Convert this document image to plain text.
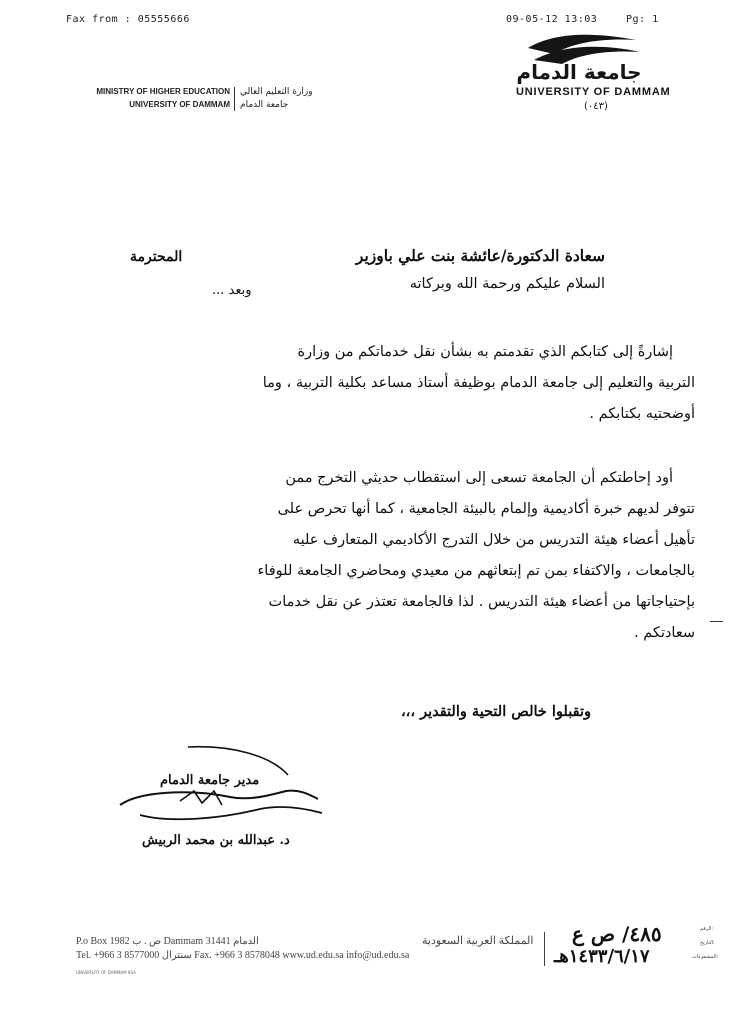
Fax from : 05555666	09-05-12 13:03	Pg: 1
MINISTRY OF HIGHER EDUCATION
UNIVERSITY OF DAMMAM
وزارة التعليم العالي
جامعة الدمام
جامعة الدمام
UNIVERSITY OF DAMMAM
(٠٤٣)
سعادة الدكتورة/عائشة بنت علي باوزير
المحترمة
السلام عليكم ورحمة الله وبركاته
وبعد ...
إشارةً إلى كتابكم الذي تقدمتم به بشأن نقل خدماتكم من وزارة
التربية والتعليم إلى جامعة الدمام بوظيفة أستاذ مساعد بكلية التربية ، وما
أوضحتيه بكتابكم .
أود إحاطتكم أن الجامعة تسعى إلى استقطاب حديثي التخرج ممن
تتوفر لديهم خبرة أكاديمية وإلمام بالبيئة الجامعية ، كما أنها تحرص على
تأهيل أعضاء هيئة التدريس من خلال التدرج الأكاديمي المتعارف عليه
بالجامعات ، والاكتفاء بمن تم إبتعاثهم من معيدي ومحاضري الجامعة للوفاء
بإحتياجاتها من أعضاء هيئة التدريس . لذا فالجامعة تعتذر عن نقل خدمات
سعادتكم .
ــــ
وتقبلوا خالص التحية والتقدير ،،،
مدير جامعة الدمام
د. عبدالله بن محمد الربيش
P.o Box 1982 ص . ب Dammam 31441 الدمام
Tel. +966 3 8577000 سنترال Fax. +966 3 8578048 www.ud.edu.sa info@ud.edu.sa
UNIVERSITY OF DAMMAM KSA
المملكة العربية السعودية ٤٨٥/ ص ع
١٤٣٣/٦/١٧هـ
الرقم:
التاريخ:
المشفوعات:
